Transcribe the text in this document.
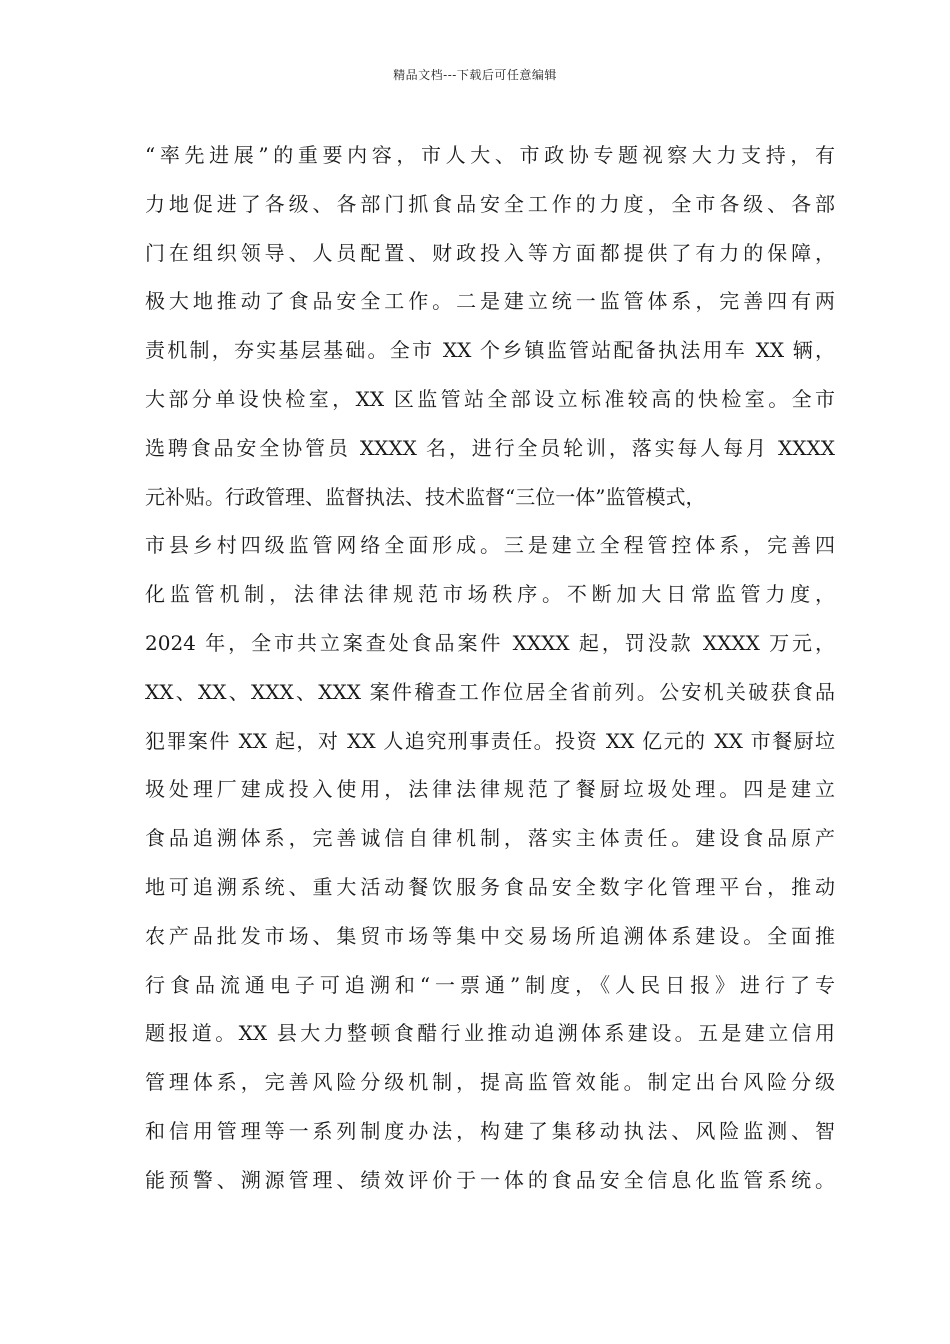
精品文档---下载后可任意编辑
“率先进展”的重要内容，市人大、市政协专题视察大力支持，有
力地促进了各级、各部门抓食品安全工作的力度，全市各级、各部
门在组织领导、人员配置、财政投入等方面都提供了有力的保障，
极大地推动了食品安全工作。二是建立统一监管体系，完善四有两
责机制，夯实基层基础。全市 XX 个乡镇监管站配备执法用车 XX 辆，
大部分单设快检室，XX 区监管站全部设立标准较高的快检室。全市
选聘食品安全协管员 XXXX 名，进行全员轮训，落实每人每月 XXXX
元补贴。行政管理、监督执法、技术监督“三位一体”监管模式，
市县乡村四级监管网络全面形成。三是建立全程管控体系，完善四
化监管机制，法律法律规范市场秩序。不断加大日常监管力度，
2024 年，全市共立案查处食品案件 XXXX 起，罚没款 XXXX 万元，
XX、XX、XXX、XXX 案件稽查工作位居全省前列。公安机关破获食品
犯罪案件 XX 起，对 XX 人追究刑事责任。投资 XX 亿元的 XX 市餐厨垃
圾处理厂建成投入使用，法律法律规范了餐厨垃圾处理。四是建立
食品追溯体系，完善诚信自律机制，落实主体责任。建设食品原产
地可追溯系统、重大活动餐饮服务食品安全数字化管理平台，推动
农产品批发市场、集贸市场等集中交易场所追溯体系建设。全面推
行食品流通电子可追溯和“一票通”制度，《人民日报》进行了专
题报道。XX 县大力整顿食醋行业推动追溯体系建设。五是建立信用
管理体系，完善风险分级机制，提高监管效能。制定出台风险分级
和信用管理等一系列制度办法，构建了集移动执法、风险监测、智
能预警、溯源管理、绩效评价于一体的食品安全信息化监管系统。
